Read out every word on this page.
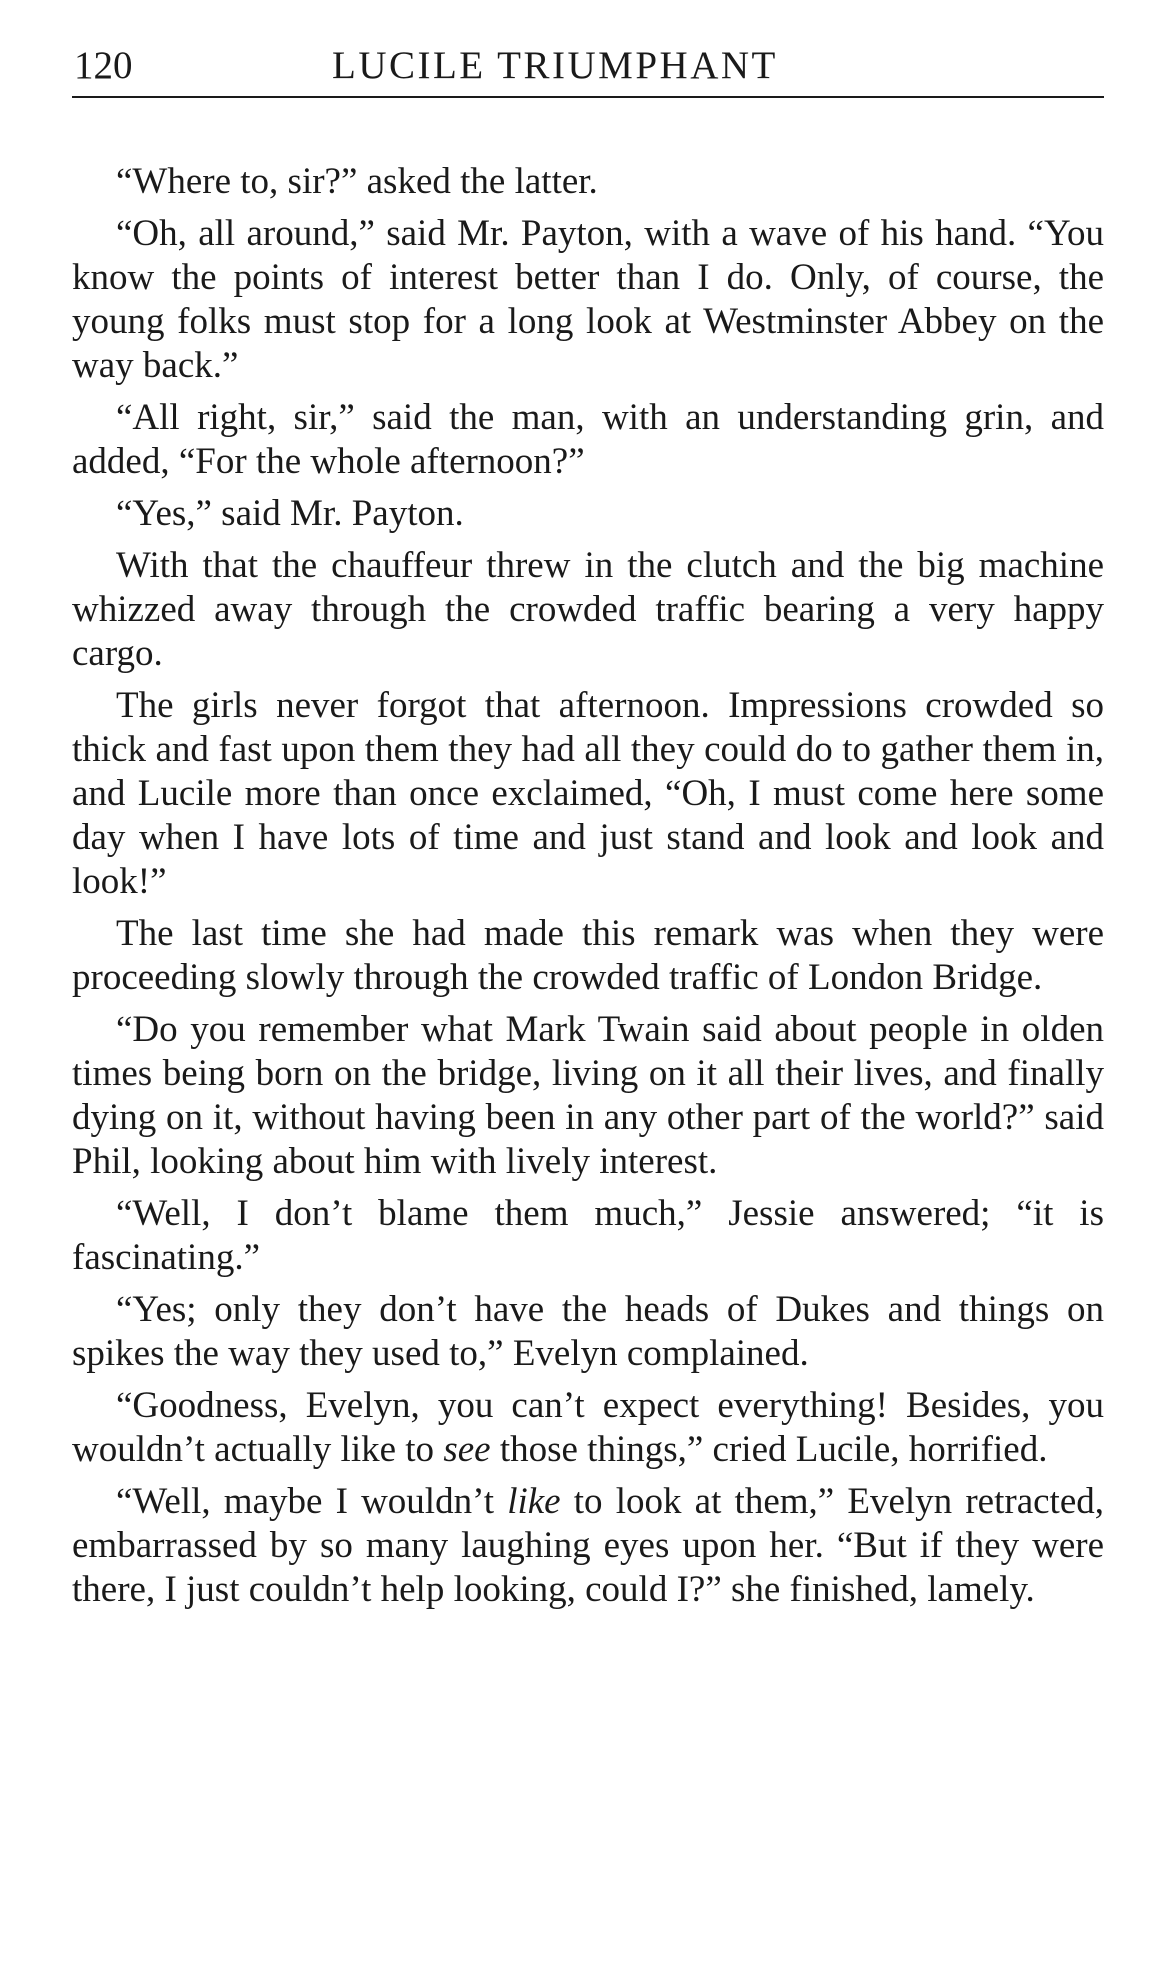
120	LUCILE TRIUMPHANT

“Where to, sir?” asked the latter.

“Oh, all around,” said Mr. Payton, with a wave of his hand. “You know the points of interest better than I do. Only, of course, the young folks must stop for a long look at Westminster Abbey on the way back.”

“All right, sir,” said the man, with an understanding grin, and added, “For the whole afternoon?”

“Yes,” said Mr. Payton.

With that the chauffeur threw in the clutch and the big machine whizzed away through the crowded traffic bearing a very happy cargo.

The girls never forgot that afternoon. Impressions crowded so thick and fast upon them they had all they could do to gather them in, and Lucile more than once exclaimed, “Oh, I must come here some day when I have lots of time and just stand and look and look and look!”

The last time she had made this remark was when they were proceeding slowly through the crowded traffic of London Bridge.

“Do you remember what Mark Twain said about people in olden times being born on the bridge, living on it all their lives, and finally dying on it, without having been in any other part of the world?” said Phil, looking about him with lively interest.

“Well, I don’t blame them much,” Jessie answered; “it is fascinating.”

“Yes; only they don’t have the heads of Dukes and things on spikes the way they used to,” Evelyn complained.

“Goodness, Evelyn, you can’t expect everything! Besides, you wouldn’t actually like to see those things,” cried Lucile, horrified.

“Well, maybe I wouldn’t like to look at them,” Evelyn retracted, embarrassed by so many laughing eyes upon her. “But if they were there, I just couldn’t help looking, could I?” she finished, lamely.
